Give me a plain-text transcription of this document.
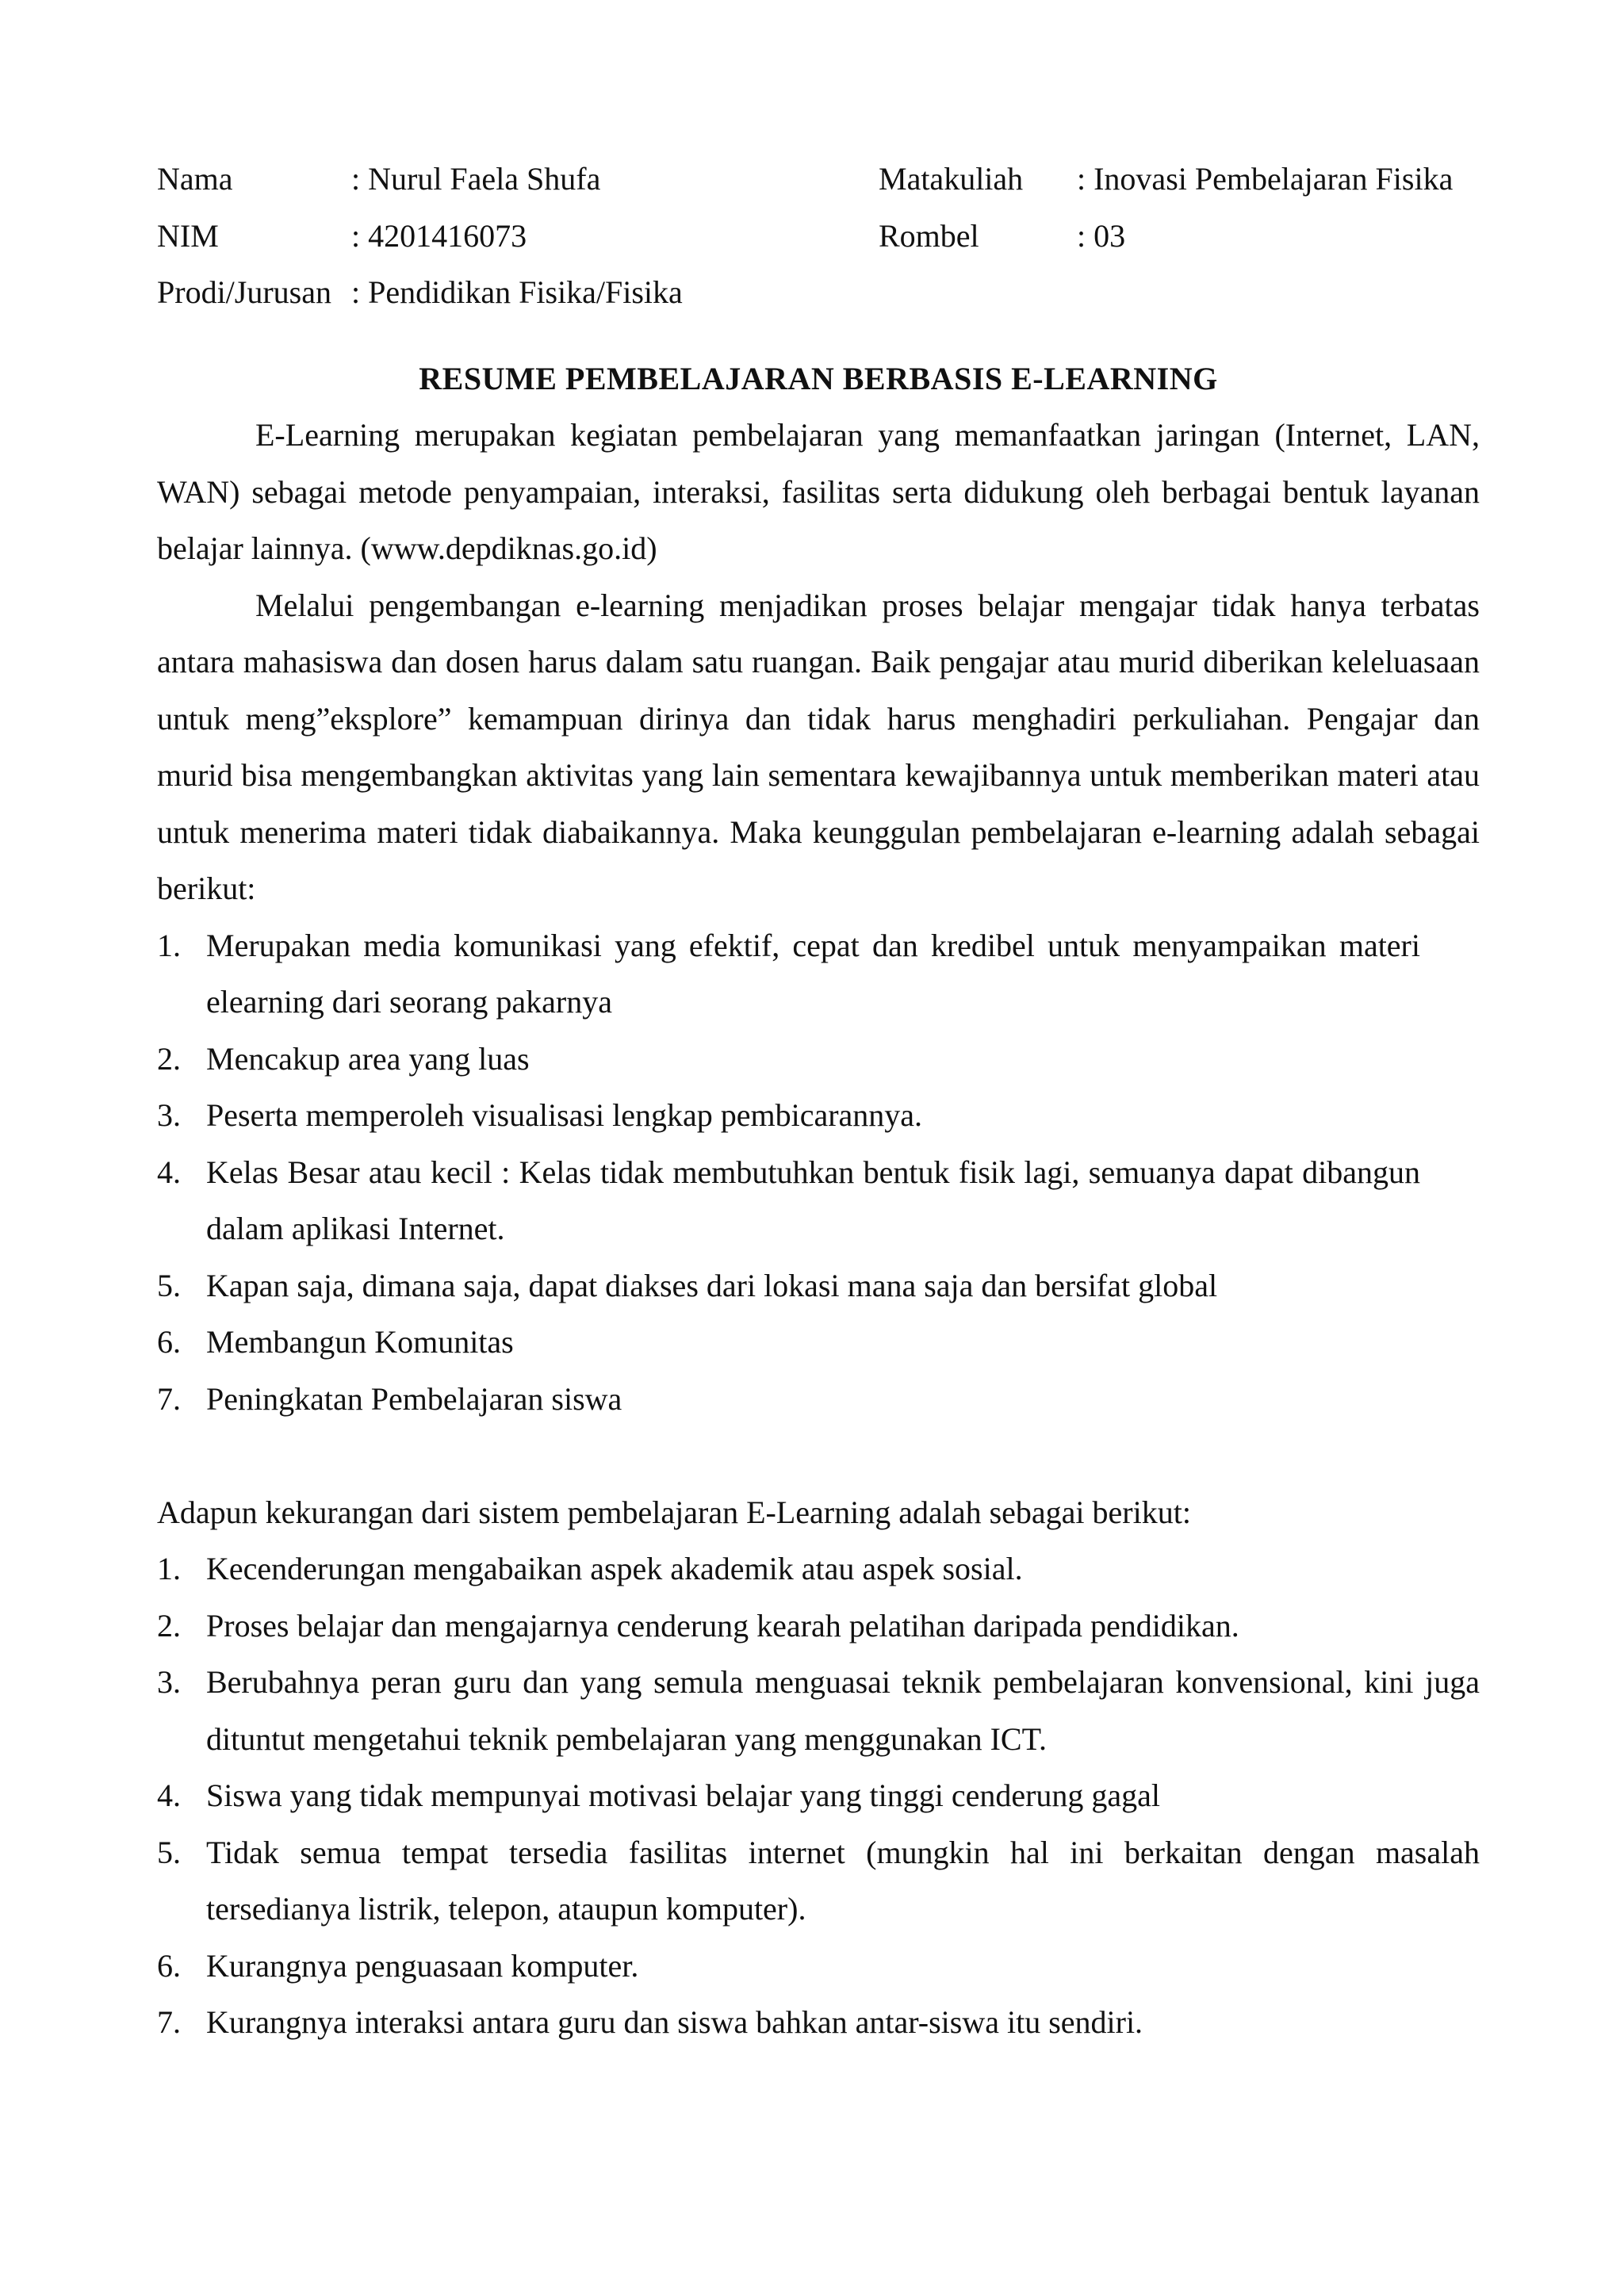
Nama	: Nurul Faela Shufa	Matakuliah	: Inovasi Pembelajaran Fisika
NIM	: 4201416073	Rombel	: 03
Prodi/Jurusan : Pendidikan Fisika/Fisika
RESUME PEMBELAJARAN BERBASIS E-LEARNING

E-Learning merupakan kegiatan pembelajaran yang memanfaatkan jaringan (Internet, LAN, WAN) sebagai metode penyampaian, interaksi, fasilitas serta didukung oleh berbagai bentuk layanan belajar lainnya. (www.depdiknas.go.id)

Melalui pengembangan e-learning menjadikan proses belajar mengajar tidak hanya terbatas antara mahasiswa dan dosen harus dalam satu ruangan. Baik pengajar atau murid diberikan keleluasaan untuk meng”eksplore” kemampuan dirinya dan tidak harus menghadiri perkuliahan. Pengajar dan murid bisa mengembangkan aktivitas yang lain sementara kewajibannya untuk memberikan materi atau untuk menerima materi tidak diabaikannya. Maka keunggulan pembelajaran e-learning adalah sebagai berikut:

1. Merupakan media komunikasi yang efektif, cepat dan kredibel untuk menyampaikan materi elearning dari seorang pakarnya
2. Mencakup area yang luas
3. Peserta memperoleh visualisasi lengkap pembicarannya.
4. Kelas Besar atau kecil : Kelas tidak membutuhkan bentuk fisik lagi, semuanya dapat dibangun dalam aplikasi Internet.
5. Kapan saja, dimana saja, dapat diakses dari lokasi mana saja dan bersifat global
6. Membangun Komunitas
7. Peningkatan Pembelajaran siswa

Adapun kekurangan dari sistem pembelajaran E-Learning adalah sebagai berikut:

1. Kecenderungan mengabaikan aspek akademik atau aspek sosial.
2. Proses belajar dan mengajarnya cenderung kearah pelatihan daripada pendidikan.
3. Berubahnya peran guru dan yang semula menguasai teknik pembelajaran konvensional, kini juga dituntut mengetahui teknik pembelajaran yang menggunakan ICT.
4. Siswa yang tidak mempunyai motivasi belajar yang tinggi cenderung gagal
5. Tidak semua tempat tersedia fasilitas internet (mungkin hal ini berkaitan dengan masalah tersedianya listrik, telepon, ataupun komputer).
6. Kurangnya penguasaan komputer.
7. Kurangnya interaksi antara guru dan siswa bahkan antar-siswa itu sendiri.
